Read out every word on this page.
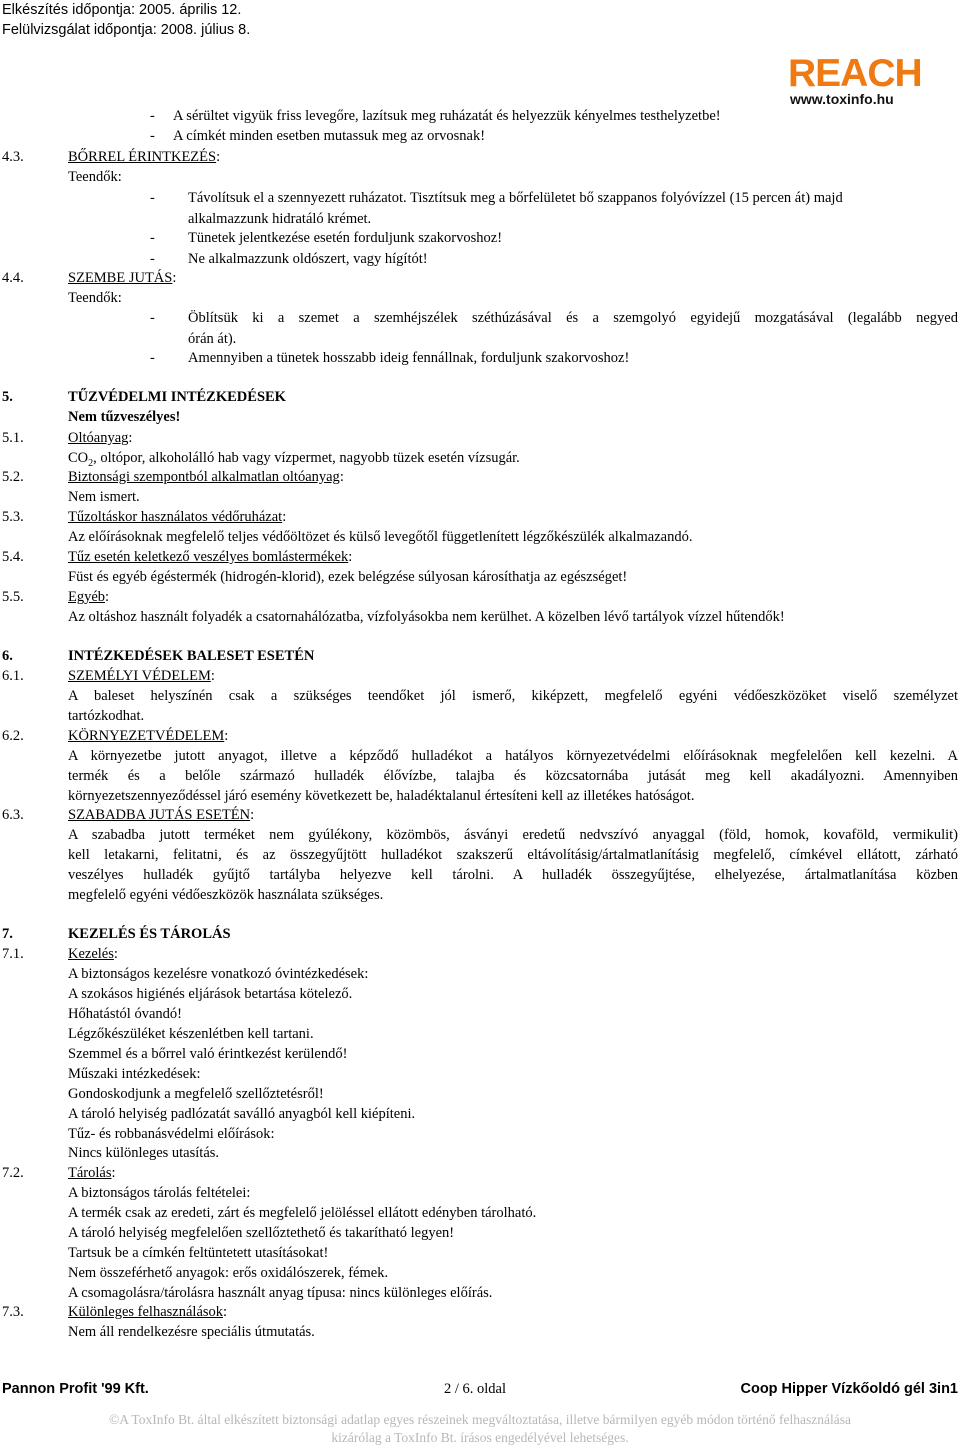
Elkészítés időpontja: 2005. április 12.
Felülvizsgálat időpontja: 2008. július 8.
REACH
www.toxinfo.hu
- A sérültet vigyük friss levegőre, lazítsuk meg ruházatát és helyezzük kényelmes testhelyzetbe!
- A címkét minden esetben mutassuk meg az orvosnak!
4.3.	BŐRREL ÉRINTKEZÉS:
Teendők:
- Távolítsuk el a szennyezett ruházatot. Tisztítsuk meg a bőrfelületet bő szappanos folyóvízzel (15 percen át) majd
alkalmazzunk hidratáló krémet.
- Tünetek jelentkezése esetén forduljunk szakorvoshoz!
- Ne alkalmazzunk oldószert, vagy hígítót!
4.4.	SZEMBE JUTÁS:
Teendők:
- Öblítsük ki a szemet a szemhéjszélek széthúzásával és a szemgolyó egyidejű mozgatásával (legalább negyed
órán át).
- Amennyiben a tünetek hosszabb ideig fennállnak, forduljunk szakorvoshoz!
5.	TŰZVÉDELMI INTÉZKEDÉSEK
Nem tűzveszélyes!
5.1.	Oltóanyag:
$CO_2$, oltópor, alkoholálló hab vagy vízpermet, nagyobb tüzek esetén vízsugár.
5.2.	Biztonsági szempontból alkalmatlan oltóanyag:
Nem ismert.
5.3.	Tűzoltáskor használatos védőruházat:
Az előírásoknak megfelelő teljes védőöltözet és külső levegőtől függetlenített légzőkészülék alkalmazandó.
5.4.	Tűz esetén keletkező veszélyes bomlástermékek:
Füst és egyéb égéstermék (hidrogén-klorid), ezek belégzése súlyosan károsíthatja az egészséget!
5.5.	Egyéb:
Az oltáshoz használt folyadék a csatornahálózatba, vízfolyásokba nem kerülhet. A közelben lévő tartályok vízzel hűtendők!
6.	INTÉZKEDÉSEK BALESET ESETÉN
6.1.	SZEMÉLYI VÉDELEM:
A baleset helyszínén csak a szükséges teendőket jól ismerő, kiképzett, megfelelő egyéni védőeszközöket viselő személyzet
tartózkodhat.
6.2.	KÖRNYEZETVÉDELEM:
A környezetbe jutott anyagot, illetve a képződő hulladékot a hatályos környezetvédelmi előírásoknak megfelelően kell kezelni. A
termék és a belőle származó hulladék élővízbe, talajba és közcsatornába jutását meg kell akadályozni. Amennyiben
környezetszennyeződéssel járó esemény következett be, haladéktalanul értesíteni kell az illetékes hatóságot.
6.3.	SZABADBA JUTÁS ESETÉN:
A szabadba jutott terméket nem gyúlékony, közömbös, ásványi eredetű nedvszívó anyaggal (föld, homok, kovaföld, vermikulit)
kell letakarni, felitatni, és az összegyűjtött hulladékot szakszerű eltávolításig/ártalmatlanításig megfelelő, címkével ellátott, zárható
veszélyes hulladék gyűjtő tartályba helyezve kell tárolni. A hulladék összegyűjtése, elhelyezése, ártalmatlanítása közben
megfelelő egyéni védőeszközök használata szükséges.
7.	KEZELÉS ÉS TÁROLÁS
7.1.	Kezelés:
A biztonságos kezelésre vonatkozó óvintézkedések:
A szokásos higiénés eljárások betartása kötelező.
Hőhatástól óvandó!
Légzőkészüléket készenlétben kell tartani.
Szemmel és a bőrrel való érintkezést kerülendő!
Műszaki intézkedések:
Gondoskodjunk a megfelelő szellőztetésről!
A tároló helyiség padlózatát saválló anyagból kell kiépíteni.
Tűz- és robbanásvédelmi előírások:
Nincs különleges utasítás.
7.2.	Tárolás:
A biztonságos tárolás feltételei:
A termék csak az eredeti, zárt és megfelelő jelöléssel ellátott edényben tárolható.
A tároló helyiség megfelelően szellőztethető és takarítható legyen!
Tartsuk be a címkén feltüntetett utasításokat!
Nem összeférhető anyagok: erős oxidálószerek, fémek.
A csomagolásra/tárolásra használt anyag típusa: nincs különleges előírás.
7.3.	Különleges felhasználások:
Nem áll rendelkezésre speciális útmutatás.
Pannon Profit '99 Kft.	2 / 6. oldal	Coop Hipper Vízkőoldó gél 3in1
©A ToxInfo Bt. által elkészített biztonsági adatlap egyes részeinek megváltoztatása, illetve bármilyen egyéb módon történő felhasználása
kizárólag a ToxInfo Bt. írásos engedélyével lehetséges.
